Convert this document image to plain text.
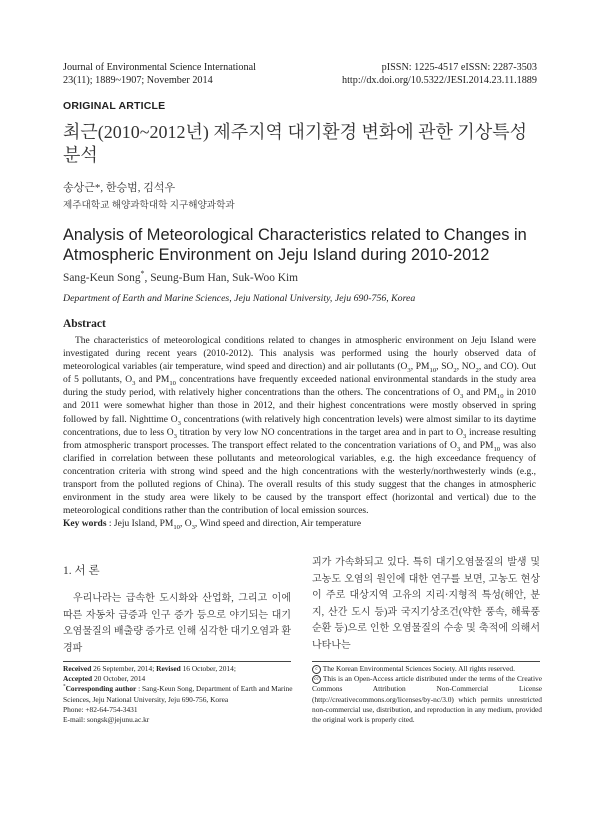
Journal of Environmental Science International
23(11); 1889~1907; November 2014
pISSN: 1225-4517 eISSN: 2287-3503
http://dx.doi.org/10.5322/JESI.2014.23.11.1889
ORIGINAL ARTICLE
최근(2010~2012년) 제주지역 대기환경 변화에 관한 기상특성 분석
송상근*, 한승범, 김석우
제주대학교 해양과학대학 지구해양과학과
Analysis of Meteorological Characteristics related to Changes in Atmospheric Environment on Jeju Island during 2010-2012
Sang-Keun Song*, Seung-Bum Han, Suk-Woo Kim
Department of Earth and Marine Sciences, Jeju National University, Jeju 690-756, Korea
Abstract

The characteristics of meteorological conditions related to changes in atmospheric environment on Jeju Island were investigated during recent years (2010-2012). This analysis was performed using the hourly observed data of meteorological variables (air temperature, wind speed and direction) and air pollutants ($O_3$, $PM_{10}$, $SO_2$, $NO_2$, and CO). Out of 5 pollutants, $O_3$ and $PM_{10}$ concentrations have frequently exceeded national environmental standards in the study area during the study period, with relatively higher concentrations than the others. The concentrations of $O_3$ and $PM_{10}$ in 2010 and 2011 were somewhat higher than those in 2012, and their highest concentrations were mostly observed in spring followed by fall. Nighttime $O_3$ concentrations (with relatively high concentration levels) were almost similar to its daytime concentrations, due to less $O_3$ titration by very low NO concentrations in the target area and in part to $O_3$ increase resulting from atmospheric transport processes. The transport effect related to the concentration variations of $O_3$ and $PM_{10}$ was also clarified in correlation between these pollutants and meteorological variables, e.g. the high exceedance frequency of concentration criteria with strong wind speed and the high concentrations with the westerly/northwesterly winds (e.g., transport from the polluted regions of China). The overall results of this study suggest that the changes in atmospheric environment in the study area were likely to be caused by the transport effect (horizontal and vertical) due to the meteorological conditions rather than the contribution of local emission sources.

Key words : Jeju Island, $PM_{10}$, $O_3$, Wind speed and direction, Air temperature
1. 서 론

우리나라는 급속한 도시화와 산업화, 그리고 이에 따른 자동차 급증과 인구 증가 등으로 야기되는 대기오염물질의 배출량 증가로 인해 심각한 대기오염과 환경파

괴가 가속화되고 있다. 특히 대기오염물질의 발생 및 고농도 오염의 원인에 대한 연구를 보면, 고농도 현상이 주로 대상지역 고유의 지리·지형적 특성(해안, 분지, 산간 도시 등)과 국지기상조건(약한 풍속, 해륙풍 순환 등)으로 인한 오염물질의 수송 및 축적에 의해서 나타나는

Received 26 September, 2014; Revised 16 October, 2014;
Accepted 20 October, 2014
*Corresponding author : Sang-Keun Song, Department of Earth and Marine Sciences, Jeju National University, Jeju 690-756, Korea
Phone: +82-64-754-3431
E-mail: songsk@jejunu.ac.kr

c The Korean Environmental Sciences Society. All rights reserved.

cc This is an Open-Access article distributed under the terms of the Creative Commons Attribution Non-Commercial License (http://creativecommons.org/licenses/by-nc/3.0) which permits unrestricted non-commercial use, distribution, and reproduction in any medium, provided the original work is properly cited.
